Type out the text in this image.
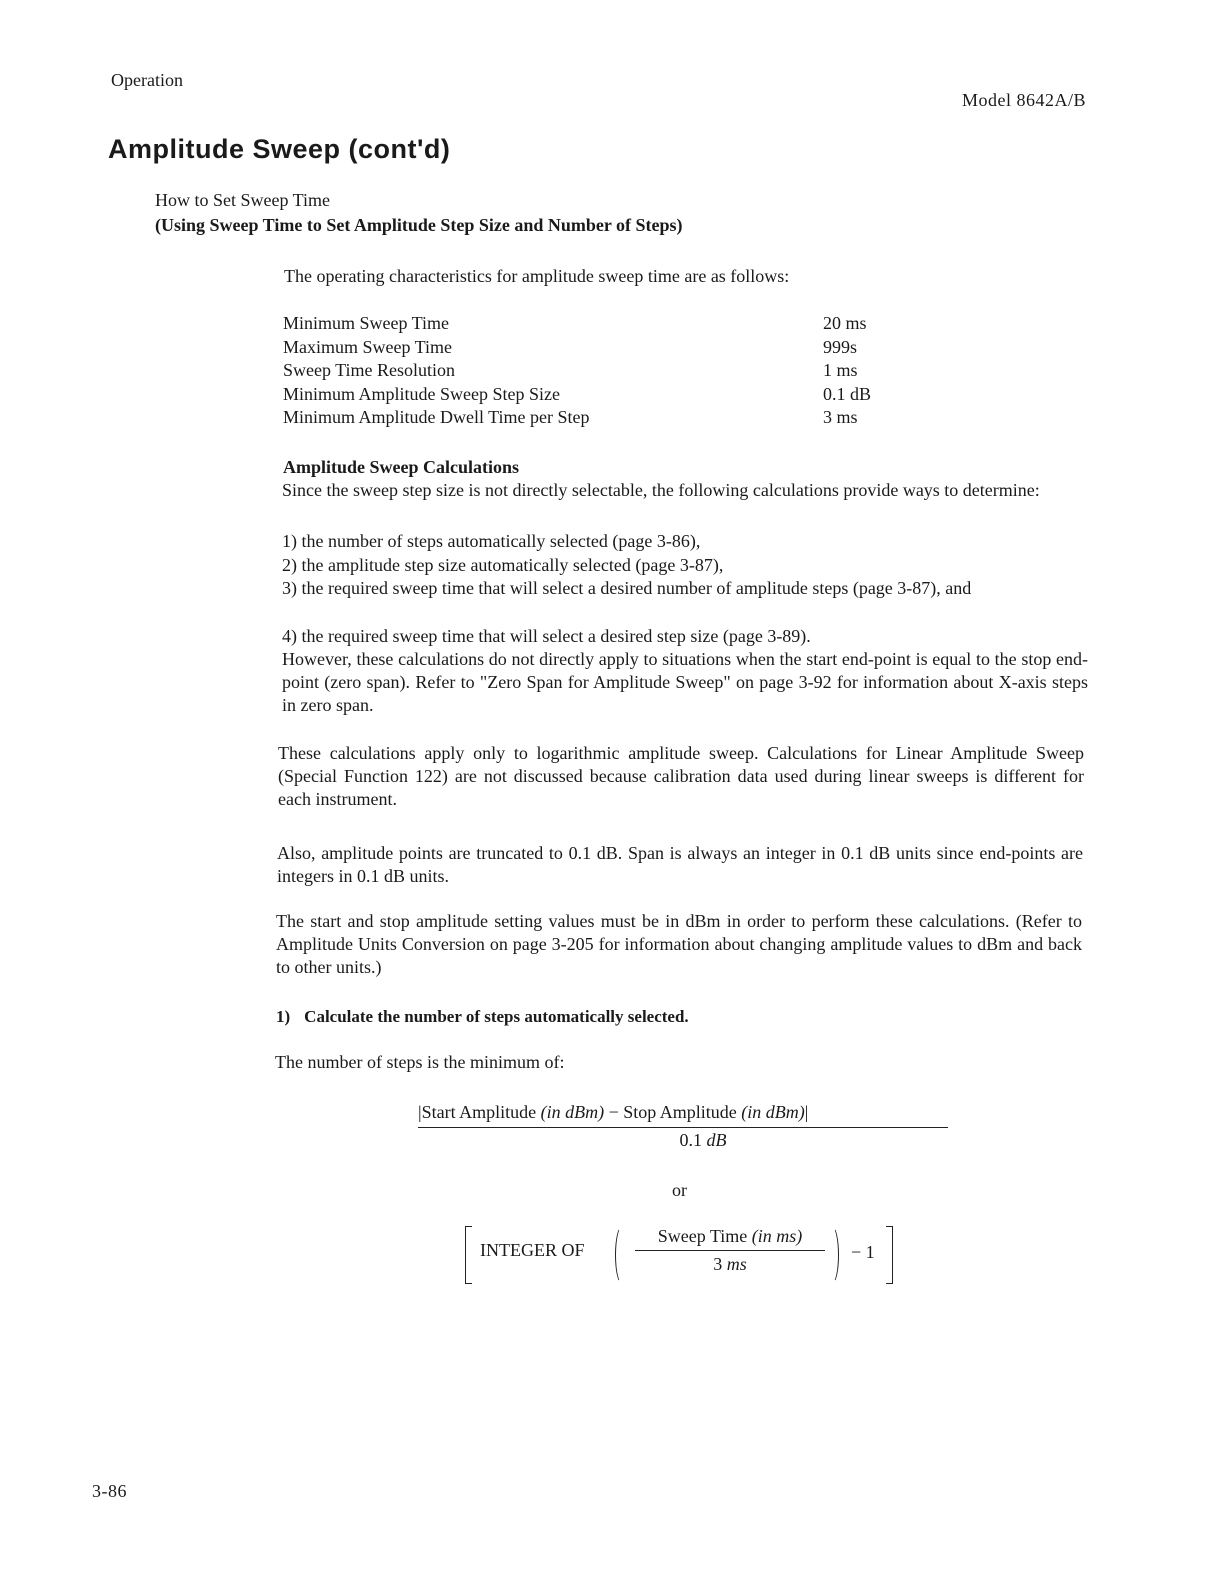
Operation
Model 8642A/B
Amplitude Sweep (cont'd)
How to Set Sweep Time
(Using Sweep Time to Set Amplitude Step Size and Number of Steps)
The operating characteristics for amplitude sweep time are as follows:
Minimum Sweep Time	20 ms
Maximum Sweep Time	999s
Sweep Time Resolution	1 ms
Minimum Amplitude Sweep Step Size	0.1 dB
Minimum Amplitude Dwell Time per Step	3 ms
Amplitude Sweep Calculations
Since the sweep step size is not directly selectable, the following calculations provide ways to determine:
1) the number of steps automatically selected (page 3-86),
2) the amplitude step size automatically selected (page 3-87),
3) the required sweep time that will select a desired number of amplitude steps (page 3-87), and
4) the required sweep time that will select a desired step size (page 3-89).
However, these calculations do not directly apply to situations when the start end-point is equal to the stop end-point (zero span). Refer to "Zero Span for Amplitude Sweep" on page 3-92 for information about X-axis steps in zero span.
These calculations apply only to logarithmic amplitude sweep. Calculations for Linear Amplitude Sweep (Special Function 122) are not discussed because calibration data used during linear sweeps is different for each instrument.
Also, amplitude points are truncated to 0.1 dB. Span is always an integer in 0.1 dB units since end-points are integers in 0.1 dB units.
The start and stop amplitude setting values must be in dBm in order to perform these calculations. (Refer to Amplitude Units Conversion on page 3-205 for information about changing amplitude values to dBm and back to other units.)
1) Calculate the number of steps automatically selected.
The number of steps is the minimum of:
|Start Amplitude (in dBm) − Stop Amplitude (in dBm)|
0.1 dB
or
INTEGER OF
Sweep Time (in ms)
3 ms
− 1
3-86
